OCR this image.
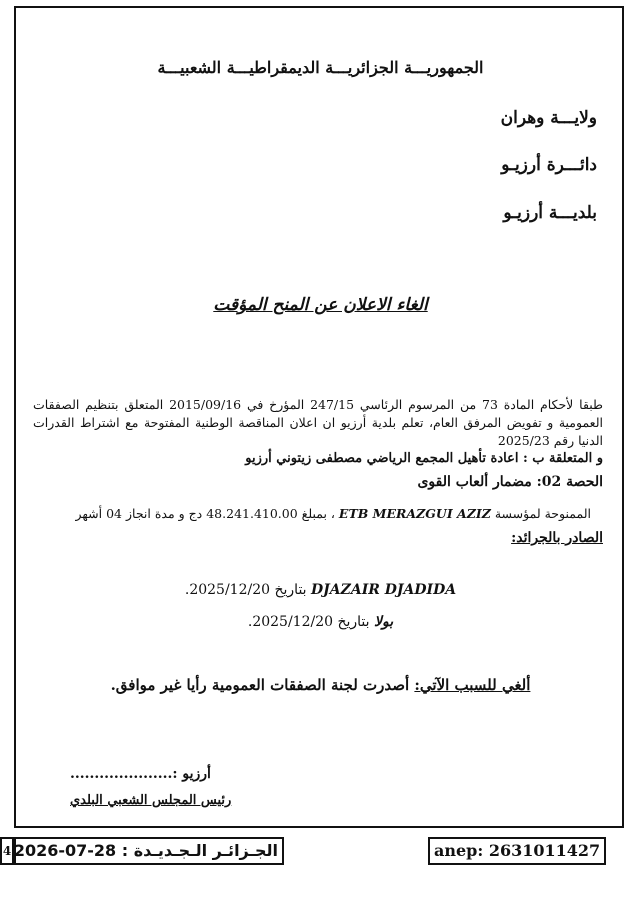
الجمهوريـــة الجزائريـــة الديمقراطيـــة الشعبيـــة
ولايـــة وهران
دائـــرة أرزيـو
بلديـــة أرزيـو
الغاء الاعلان عن المنح المؤقت
طبقا لأحكام المادة 73 من المرسوم الرئاسي 247/15 المؤرخ في 2015/09/16 المتعلق بتنظيم الصفقات العمومية و تفويض المرفق العام، تعلم بلدية أرزيو ان اعلان المناقصة الوطنية المفتوحة مع اشتراط القدرات الدنيا رقم 2025/23
و المتعلقة ب : اعادة تأهيل المجمع الرياضي مصطفى زيتوني أرزيو
الحصة 02: مضمار ألعاب القوى
الممنوحة لمؤسسة ETB MERAZGUI AZIZ ، بمبلغ 48.241.410.00 دج و مدة انجاز 04 أشهر
الصادر بالجرائد:
DJAZAIR DJADIDA بتاريخ 2025/12/20.
بولا بتاريخ 2025/12/20.
ألغي للسبب الآتي: أصدرت لجنة الصفقات العمومية رأيا غير موافق.
أرزيو :.....................
رئيس المجلس الشعبي البلدي
4 الجـزائـر الـجـديـدة : 28-07-2026	anep: 2631011427
